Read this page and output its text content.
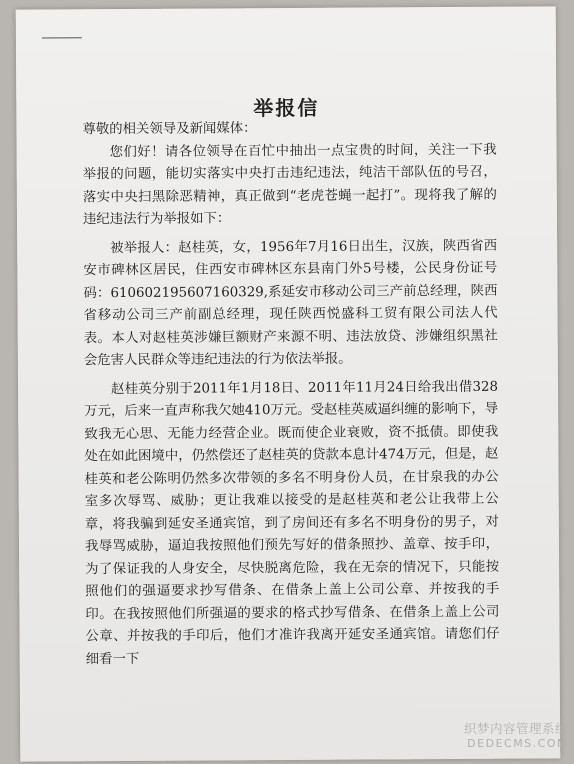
举报信

尊敬的相关领导及新闻媒体：

您们好！请各位领导在百忙中抽出一点宝贵的时间，关注一下我举报的问题，能切实落实中央打击违纪违法，纯洁干部队伍的号召，落实中央扫黑除恶精神，真正做到“老虎苍蝇一起打”。现将我了解的违纪违法行为举报如下：

被举报人：赵桂英，女，1956年7月16日出生，汉族，陕西省西安市碑林区居民，住西安市碑林区东县南门外5号楼，公民身份证号码：610602195607160329,系延安市移动公司三产前总经理，陕西省移动公司三产前副总经理，现任陕西悦盛科工贸有限公司法人代表。本人对赵桂英涉嫌巨额财产来源不明、违法放贷、涉嫌组织黑社会危害人民群众等违纪违法的行为依法举报。

赵桂英分别于2011年1月18日、2011年11月24日给我出借328万元，后来一直声称我欠她410万元。受赵桂英威逼纠缠的影响下，导致我无心思、无能力经营企业。既而使企业衰败，资不抵债。即使我处在如此困境中，仍然偿还了赵桂英的贷款本息计474万元，但是，赵桂英和老公陈明仍然多次带领的多名不明身份人员，在甘泉我的办公室多次辱骂、威胁；更让我难以接受的是赵桂英和老公让我带上公章，将我骗到延安圣通宾馆，到了房间还有多名不明身份的男子，对我辱骂威胁，逼迫我按照他们预先写好的借条照抄、盖章、按手印，为了保证我的人身安全，尽快脱离危险，我在无奈的情况下，只能按照他们的强逼要求抄写借条、在借条上盖上公司公章、并按我的手印。在我按照他们所强逼的要求的格式抄写借条、在借条上盖上公司公章、并按我的手印后，他们才准许我离开延安圣通宾馆。请您们仔细看一下

织梦内容管理系统
DEDECMS.COM
